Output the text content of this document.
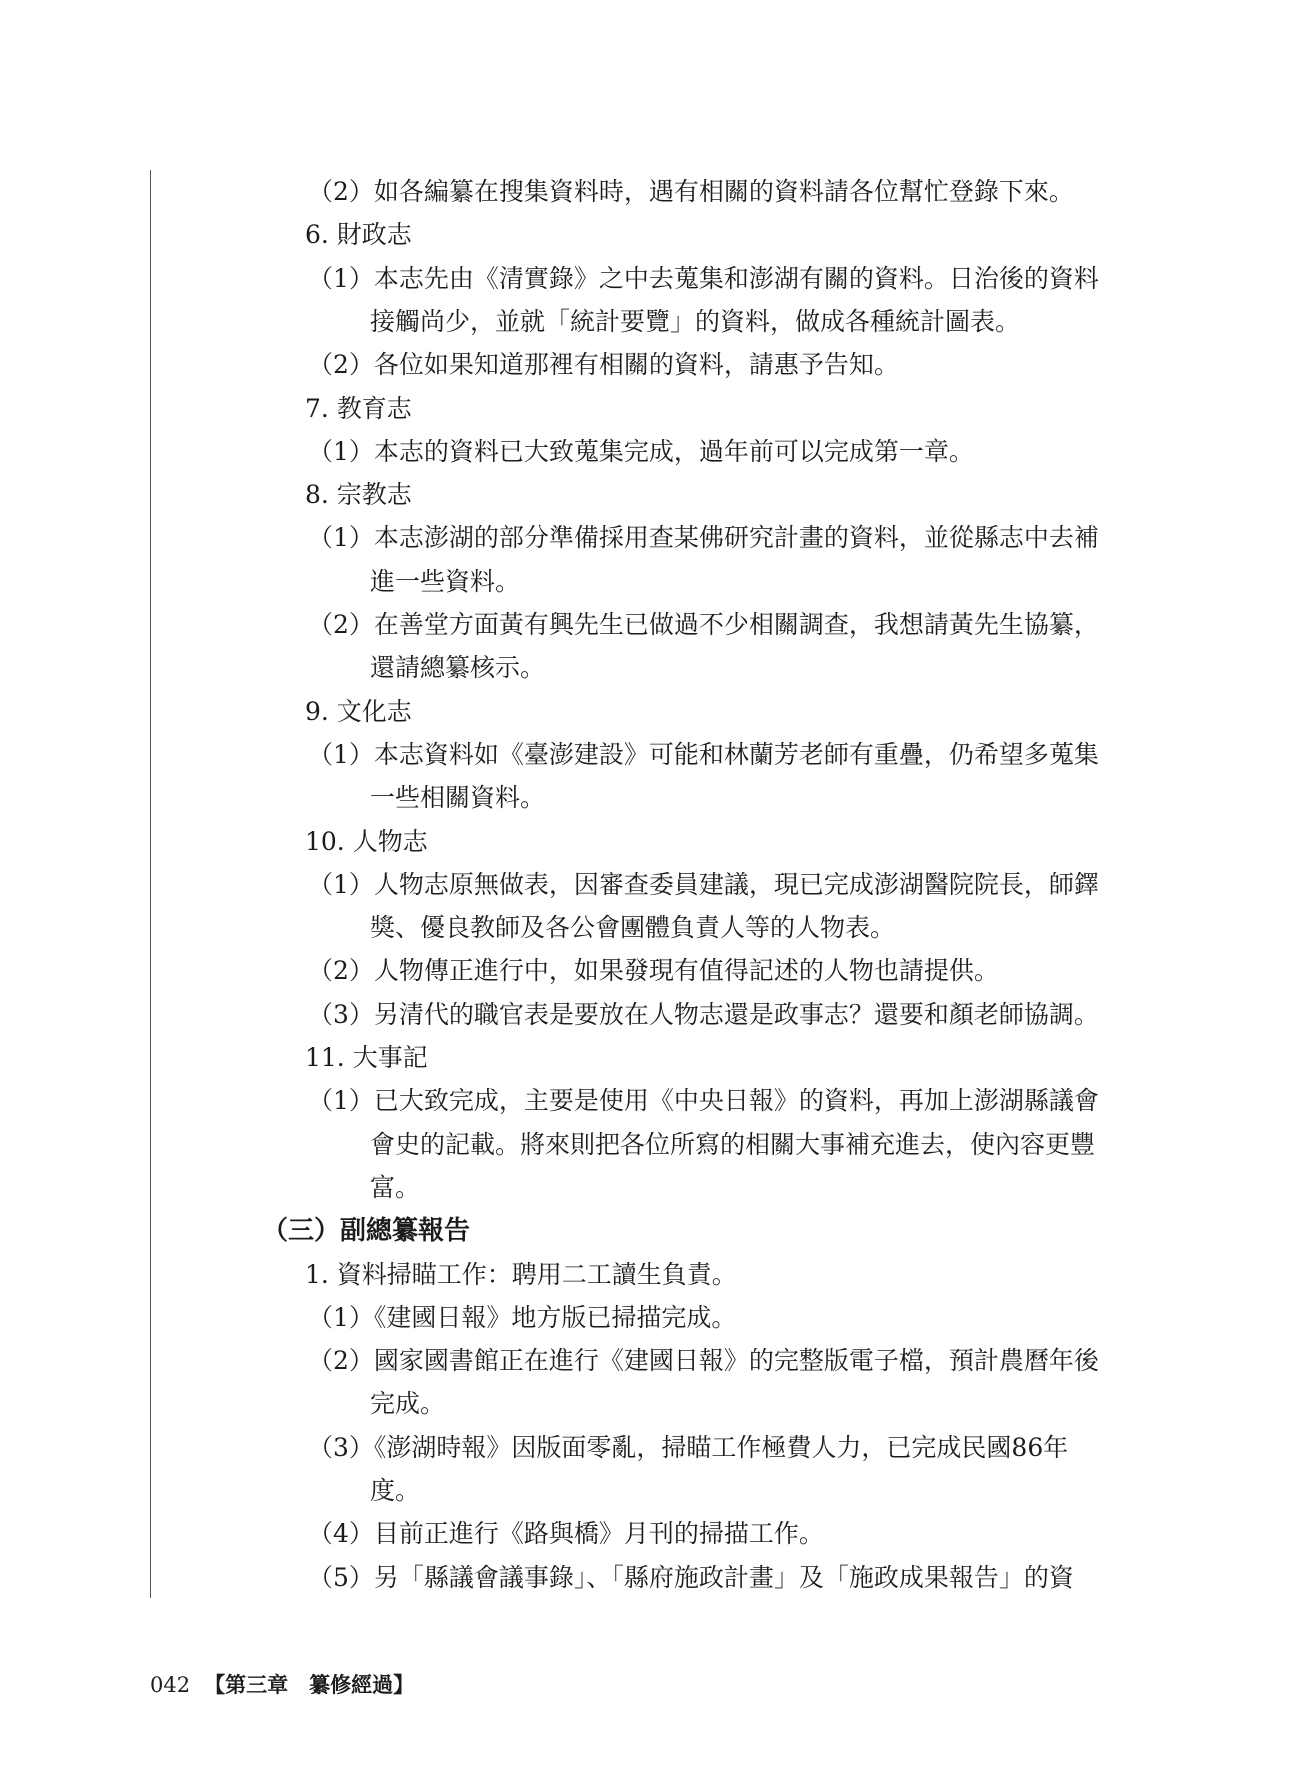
（2）如各編纂在搜集資料時，遇有相關的資料請各位幫忙登錄下來。
6. 財政志
（1）本志先由《清實錄》之中去蒐集和澎湖有關的資料。日治後的資料
接觸尚少，並就「統計要覽」的資料，做成各種統計圖表。
（2）各位如果知道那裡有相關的資料，請惠予告知。
7. 教育志
（1）本志的資料已大致蒐集完成，過年前可以完成第一章。
8. 宗教志
（1）本志澎湖的部分準備採用查某佛研究計畫的資料，並從縣志中去補
進一些資料。
（2）在善堂方面黃有興先生已做過不少相關調查，我想請黃先生協纂，
還請總纂核示。
9. 文化志
（1）本志資料如《臺澎建設》可能和林蘭芳老師有重疊，仍希望多蒐集
一些相關資料。
10. 人物志
（1）人物志原無做表，因審查委員建議，現已完成澎湖醫院院長，師鐸
獎、優良教師及各公會團體負責人等的人物表。
（2）人物傳正進行中，如果發現有值得記述的人物也請提供。
（3）另清代的職官表是要放在人物志還是政事志？還要和顏老師協調。
11. 大事記
（1）已大致完成，主要是使用《中央日報》的資料，再加上澎湖縣議會
會史的記載。將來則把各位所寫的相關大事補充進去，使內容更豐
富。
（三）副總纂報告
1. 資料掃瞄工作：聘用二工讀生負責。
（1）《建國日報》地方版已掃描完成。
（2）國家國書館正在進行《建國日報》的完整版電子檔，預計農曆年後
完成。
（3）《澎湖時報》因版面零亂，掃瞄工作極費人力，已完成民國86年
度。
（4）目前正進行《路與橋》月刊的掃描工作。
（5）另「縣議會議事錄」、「縣府施政計畫」及「施政成果報告」的資
042 【第三章　纂修經過】
